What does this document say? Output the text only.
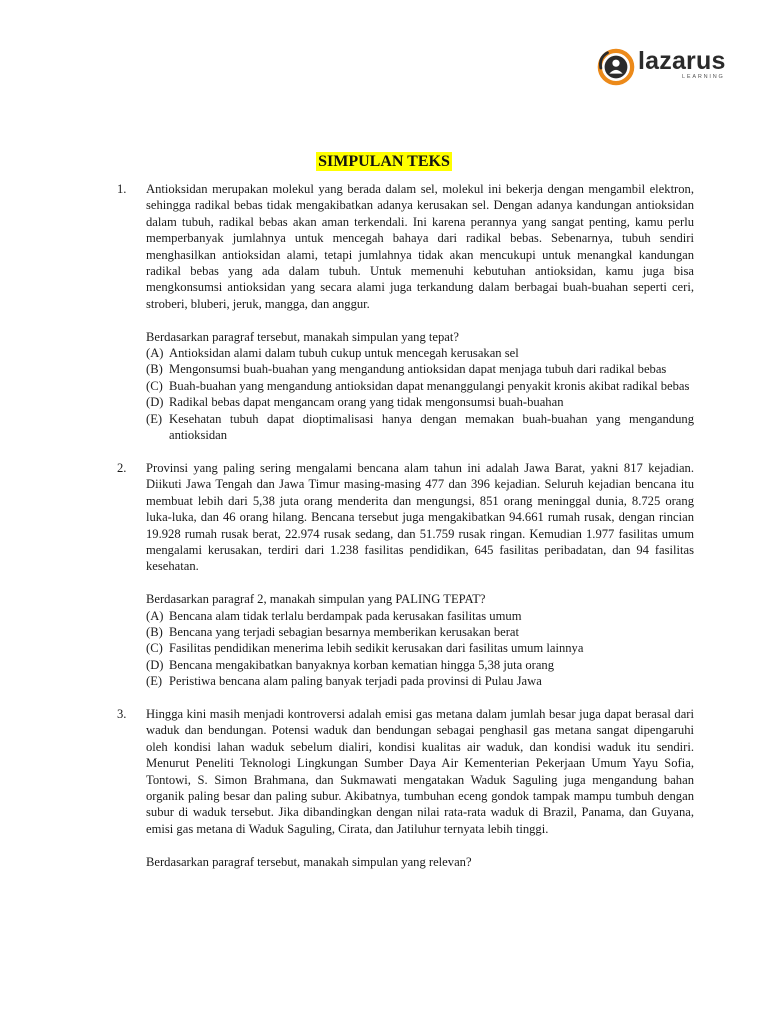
lazarus
LEARNING
SIMPULAN TEKS
1.	Antioksidan merupakan molekul yang berada dalam sel, molekul ini bekerja dengan mengambil elektron, sehingga radikal bebas tidak mengakibatkan adanya kerusakan sel. Dengan adanya kandungan antioksidan dalam tubuh, radikal bebas akan aman terkendali. Ini karena perannya yang sangat penting, kamu perlu memperbanyak jumlahnya untuk mencegah bahaya dari radikal bebas. Sebenarnya, tubuh sendiri menghasilkan antioksidan alami, tetapi jumlahnya tidak akan mencukupi untuk menangkal kandungan radikal bebas yang ada dalam tubuh. Untuk memenuhi kebutuhan antioksidan, kamu juga bisa mengkonsumsi antioksidan yang secara alami juga terkandung dalam berbagai buah-buahan seperti ceri, stroberi, bluberi, jeruk, mangga, dan anggur.

Berdasarkan paragraf tersebut, manakah simpulan yang tepat?

(A) Antioksidan alami dalam tubuh cukup untuk mencegah kerusakan sel
(B) Mengonsumsi buah-buahan yang mengandung antioksidan dapat menjaga tubuh dari radikal bebas
(C) Buah-buahan yang mengandung antioksidan dapat menanggulangi penyakit kronis akibat radikal bebas
(D) Radikal bebas dapat mengancam orang yang tidak mengonsumsi buah-buahan
(E) Kesehatan tubuh dapat dioptimalisasi hanya dengan memakan buah-buahan yang mengandung antioksidan
2.	Provinsi yang paling sering mengalami bencana alam tahun ini adalah Jawa Barat, yakni 817 kejadian. Diikuti Jawa Tengah dan Jawa Timur masing-masing 477 dan 396 kejadian. Seluruh kejadian bencana itu membuat lebih dari 5,38 juta orang menderita dan mengungsi, 851 orang meninggal dunia, 8.725 orang luka-luka, dan 46 orang hilang. Bencana tersebut juga mengakibatkan 94.661 rumah rusak, dengan rincian 19.928 rumah rusak berat, 22.974 rusak sedang, dan 51.759 rusak ringan. Kemudian 1.977 fasilitas umum mengalami kerusakan, terdiri dari 1.238 fasilitas pendidikan, 645 fasilitas peribadatan, dan 94 fasilitas kesehatan.

Berdasarkan paragraf 2, manakah simpulan yang PALING TEPAT?

(A) Bencana alam tidak terlalu berdampak pada kerusakan fasilitas umum
(B) Bencana yang terjadi sebagian besarnya memberikan kerusakan berat
(C) Fasilitas pendidikan menerima lebih sedikit kerusakan dari fasilitas umum lainnya
(D) Bencana mengakibatkan banyaknya korban kematian hingga 5,38 juta orang
(E) Peristiwa bencana alam paling banyak terjadi pada provinsi di Pulau Jawa
3.	Hingga kini masih menjadi kontroversi adalah emisi gas metana dalam jumlah besar juga dapat berasal dari waduk dan bendungan. Potensi waduk dan bendungan sebagai penghasil gas metana sangat dipengaruhi oleh kondisi lahan waduk sebelum dialiri, kondisi kualitas air waduk, dan kondisi waduk itu sendiri. Menurut Peneliti Teknologi Lingkungan Sumber Daya Air Kementerian Pekerjaan Umum Yayu Sofia, Tontowi, S. Simon Brahmana, dan Sukmawati mengatakan Waduk Saguling juga mengandung bahan organik paling besar dan paling subur. Akibatnya, tumbuhan eceng gondok tampak mampu tumbuh dengan subur di waduk tersebut. Jika dibandingkan dengan nilai rata-rata waduk di Brazil, Panama, dan Guyana, emisi gas metana di Waduk Saguling, Cirata, dan Jatiluhur ternyata lebih tinggi.

Berdasarkan paragraf tersebut, manakah simpulan yang relevan?
